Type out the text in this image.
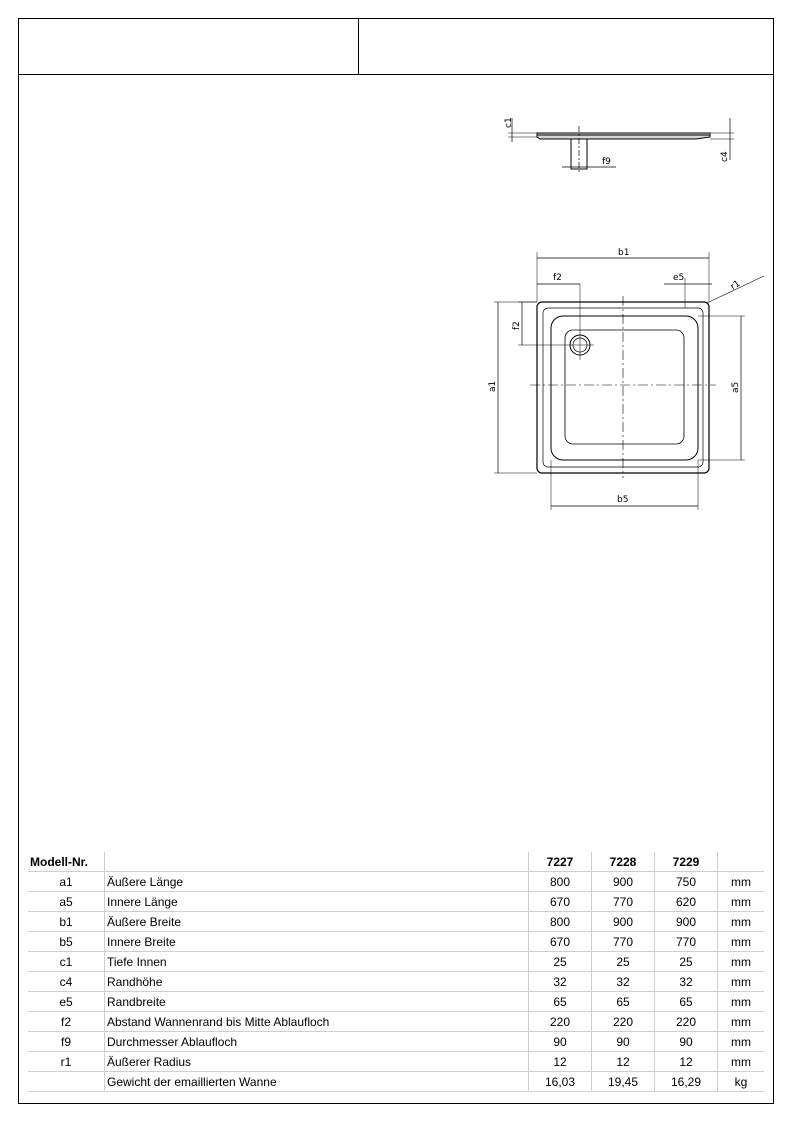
c1
c4
f9
b1
f2	e5
r1
f2
a1	a5
b5
Modell-Nr.		7227	7228	7229	
a1	Äußere Länge	800	900	750	mm
a5	Innere Länge	670	770	620	mm
b1	Äußere Breite	800	900	900	mm
b5	Innere Breite	670	770	770	mm
c1	Tiefe Innen	25	25	25	mm
c4	Randhöhe	32	32	32	mm
e5	Randbreite	65	65	65	mm
f2	Abstand Wannenrand bis Mitte Ablaufloch	220	220	220	mm
f9	Durchmesser Ablaufloch	90	90	90	mm
r1	Äußerer Radius	12	12	12	mm
	Gewicht der emaillierten Wanne	16,03	19,45	16,29	kg
